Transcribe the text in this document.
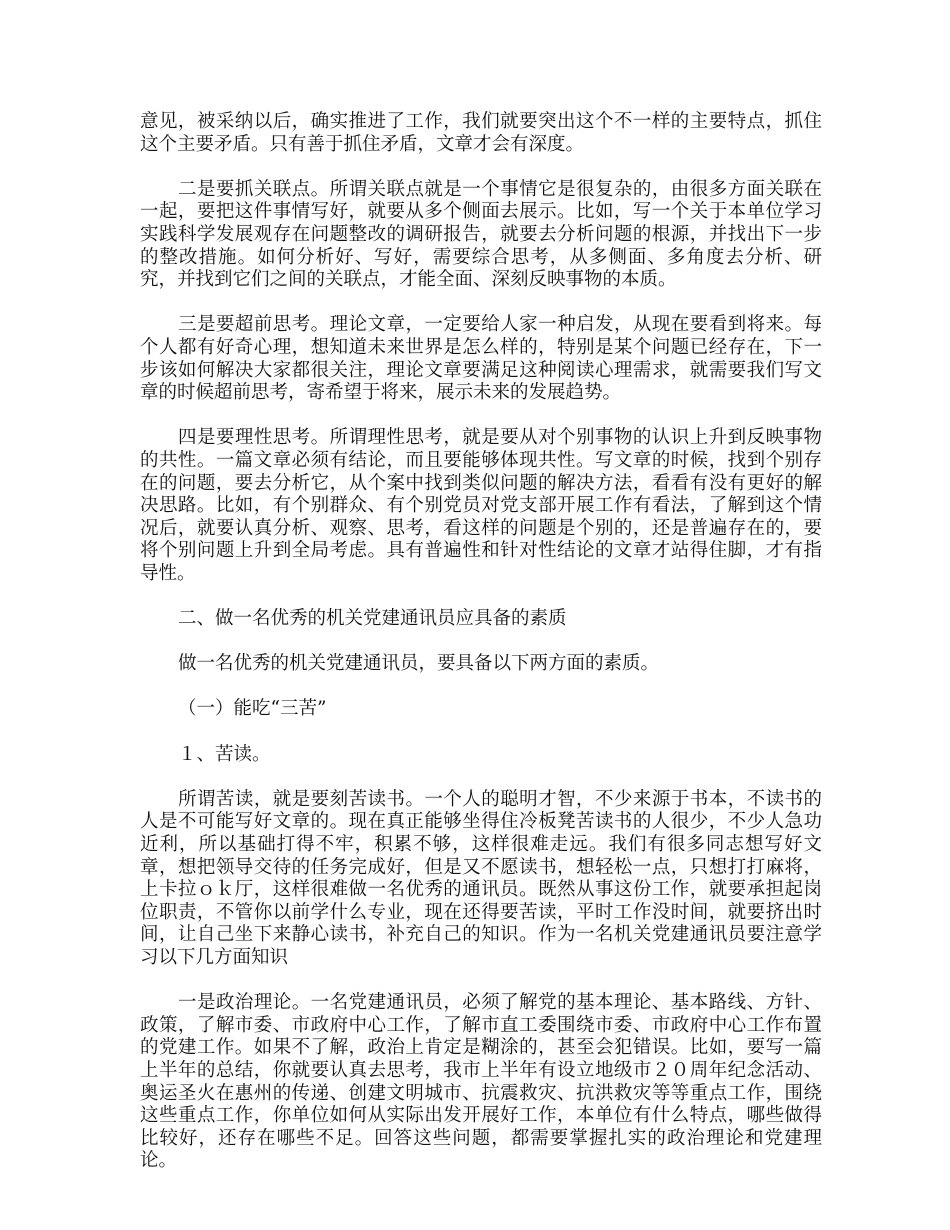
意见，被采纳以后，确实推进了工作，我们就要突出这个不一样的主要特点，抓住这个主要矛盾。只有善于抓住矛盾，文章才会有深度。

二是要抓关联点。所谓关联点就是一个事情它是很复杂的，由很多方面关联在一起，要把这件事情写好，就要从多个侧面去展示。比如，写一个关于本单位学习实践科学发展观存在问题整改的调研报告，就要去分析问题的根源，并找出下一步的整改措施。如何分析好、写好，需要综合思考，从多侧面、多角度去分析、研究，并找到它们之间的关联点，才能全面、深刻反映事物的本质。

三是要超前思考。理论文章，一定要给人家一种启发，从现在要看到将来。每个人都有好奇心理，想知道未来世界是怎么样的，特别是某个问题已经存在，下一步该如何解决大家都很关注，理论文章要满足这种阅读心理需求，就需要我们写文章的时候超前思考，寄希望于将来，展示未来的发展趋势。

四是要理性思考。所谓理性思考，就是要从对个别事物的认识上升到反映事物的共性。一篇文章必须有结论，而且要能够体现共性。写文章的时候，找到个别存在的问题，要去分析它，从个案中找到类似问题的解决方法，看看有没有更好的解决思路。比如，有个别群众、有个别党员对党支部开展工作有看法，了解到这个情况后，就要认真分析、观察、思考，看这样的问题是个别的，还是普遍存在的，要将个别问题上升到全局考虑。具有普遍性和针对性结论的文章才站得住脚，才有指导性。

二、做一名优秀的机关党建通讯员应具备的素质

做一名优秀的机关党建通讯员，要具备以下两方面的素质。

（一）能吃“三苦”

１、苦读。

所谓苦读，就是要刻苦读书。一个人的聪明才智，不少来源于书本，不读书的人是不可能写好文章的。现在真正能够坐得住冷板凳苦读书的人很少，不少人急功近利，所以基础打得不牢，积累不够，这样很难走远。我们有很多同志想写好文章，想把领导交待的任务完成好，但是又不愿读书，想轻松一点，只想打打麻将，上卡拉ｏｋ厅，这样很难做一名优秀的通讯员。既然从事这份工作，就要承担起岗位职责，不管你以前学什么专业，现在还得要苦读，平时工作没时间，就要挤出时间，让自己坐下来静心读书，补充自己的知识。作为一名机关党建通讯员要注意学习以下几方面知识

一是政治理论。一名党建通讯员，必须了解党的基本理论、基本路线、方针、政策，了解市委、市政府中心工作，了解市直工委围绕市委、市政府中心工作布置的党建工作。如果不了解，政治上肯定是糊涂的，甚至会犯错误。比如，要写一篇上半年的总结，你就要认真去思考，我市上半年有设立地级市２０周年纪念活动、奥运圣火在惠州的传递、创建文明城市、抗震救灾、抗洪救灾等等重点工作，围绕这些重点工作，你单位如何从实际出发开展好工作，本单位有什么特点，哪些做得比较好，还存在哪些不足。回答这些问题，都需要掌握扎实的政治理论和党建理论。
